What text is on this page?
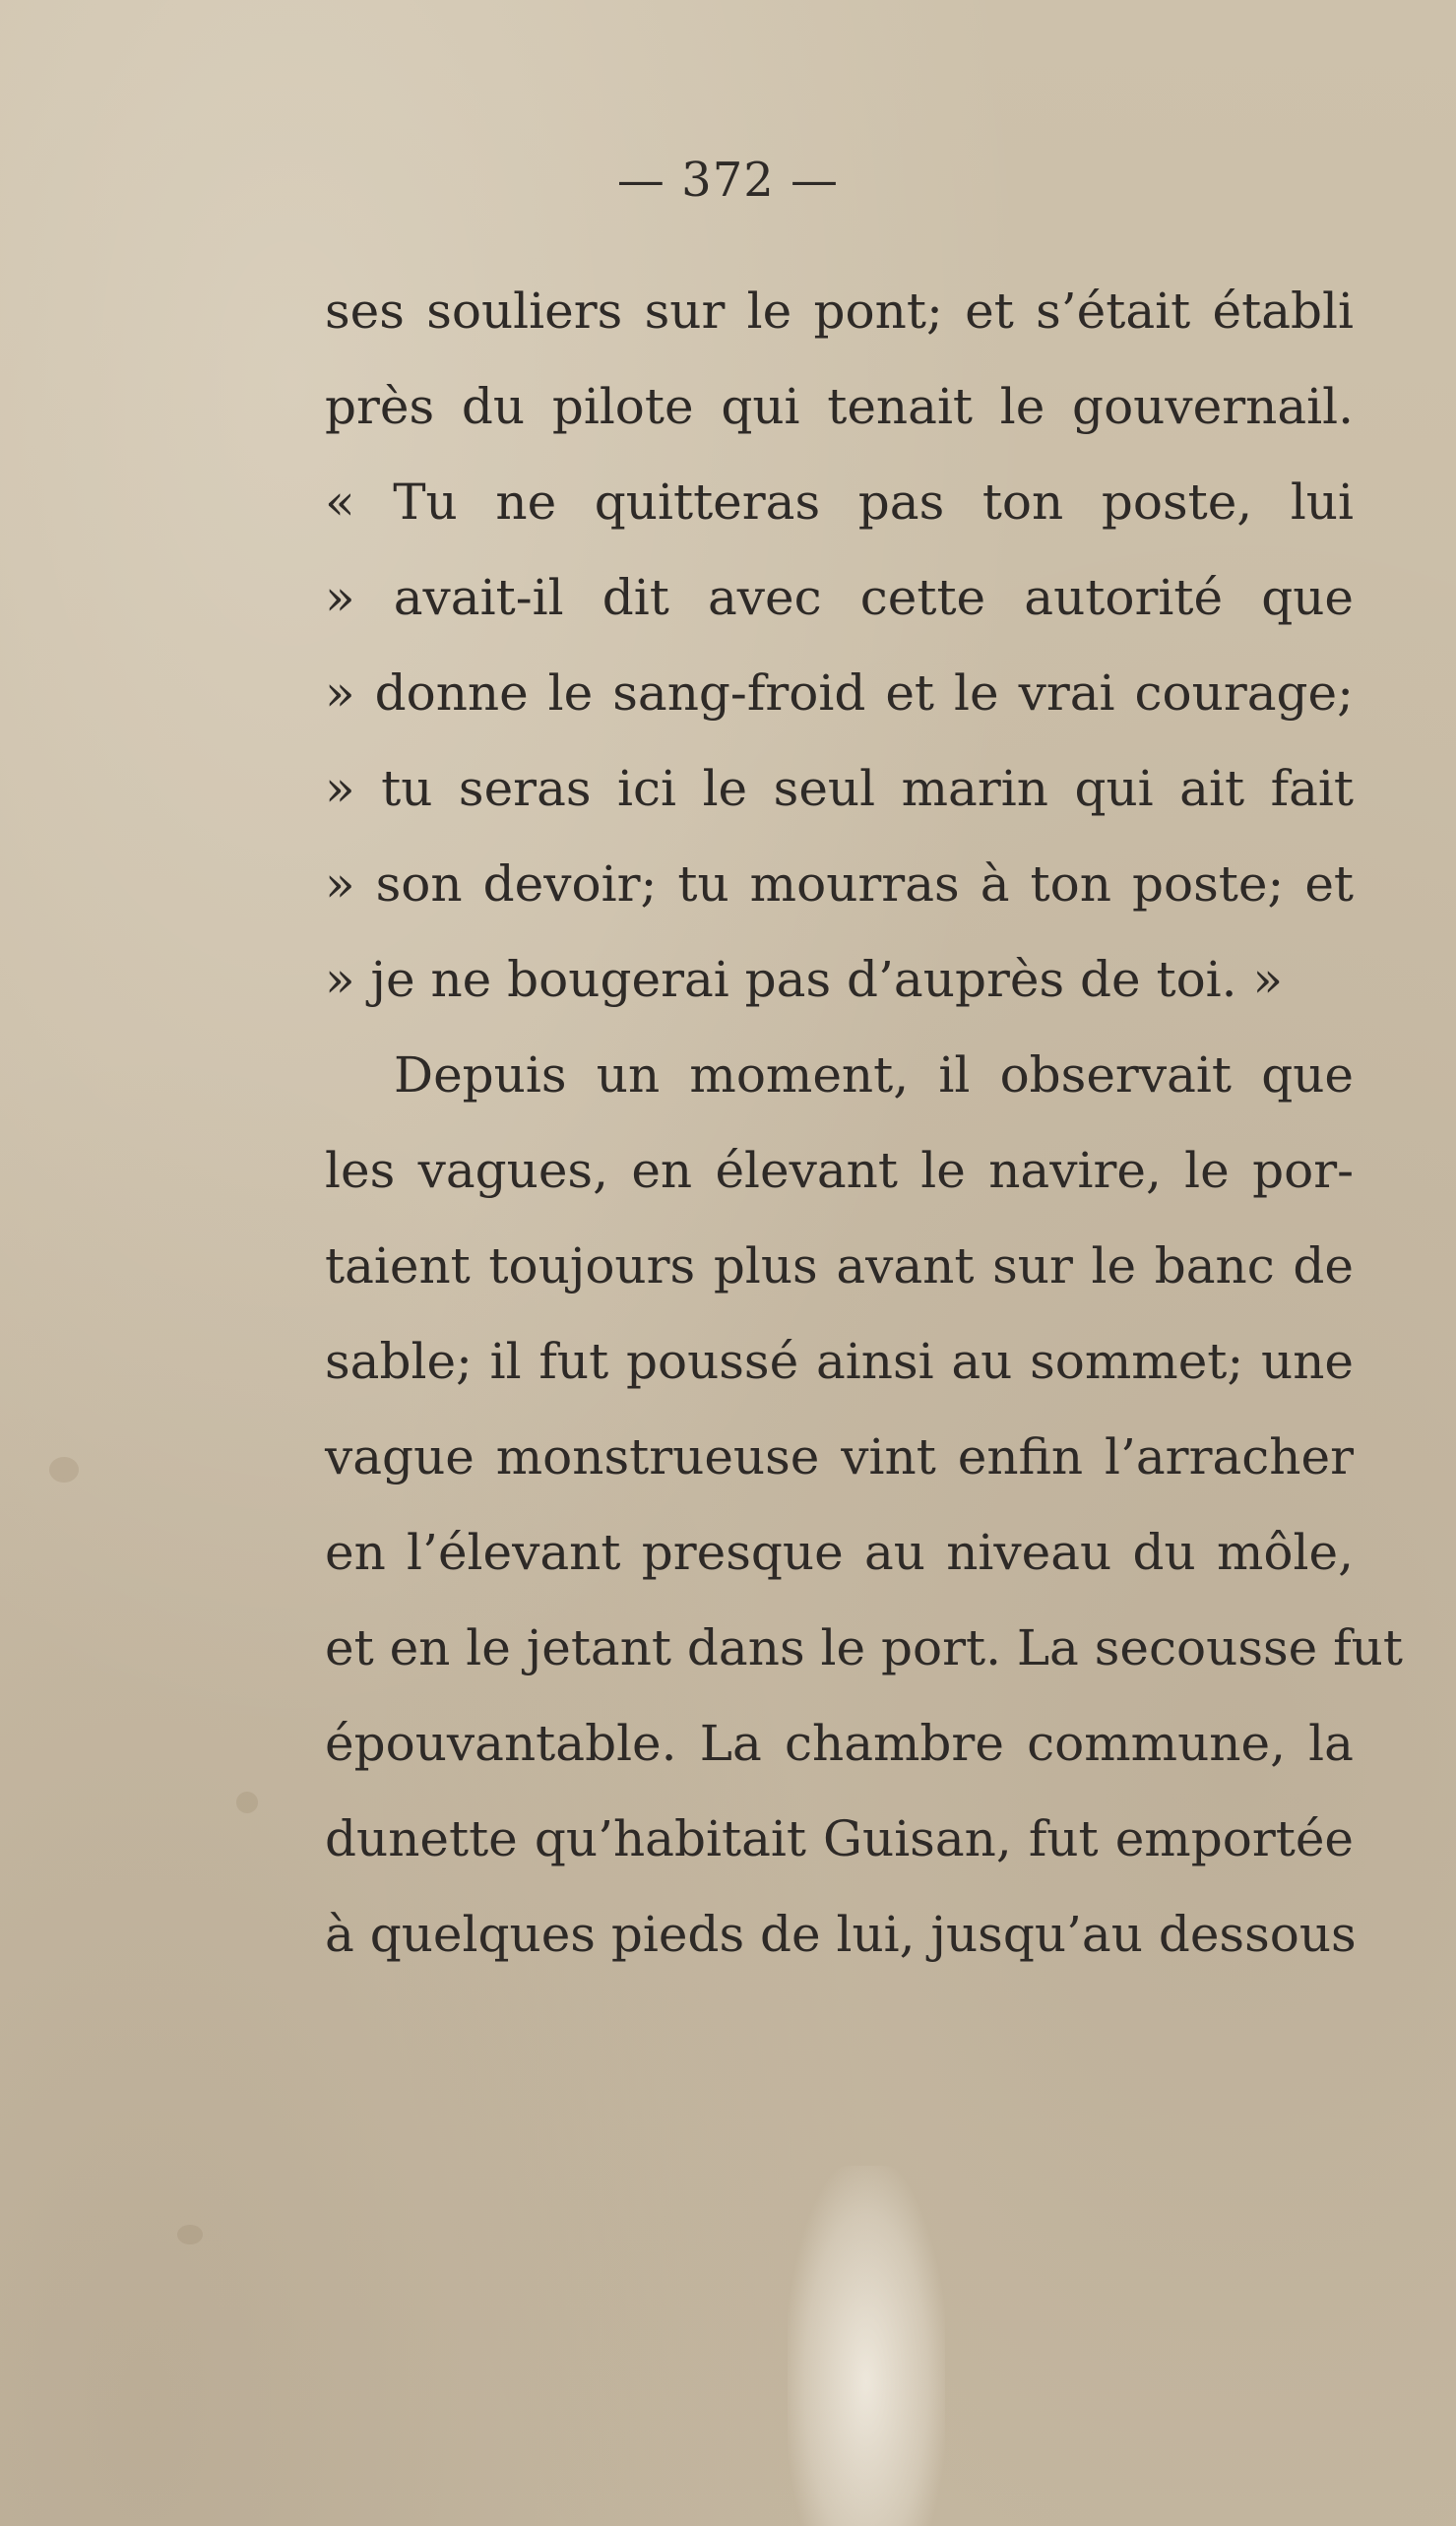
— 372 —
ses souliers sur le pont; et s’était établi
près du pilote qui tenait le gouvernail.
« Tu ne quitteras pas ton poste, lui
» avait-il dit avec cette autorité que
» donne le sang-froid et le vrai courage;
» tu seras ici le seul marin qui ait fait
» son devoir; tu mourras à ton poste; et
» je ne bougerai pas d’auprès de toi. »
Depuis un moment, il observait que
les vagues, en élevant le navire, le por-
taient toujours plus avant sur le banc de
sable; il fut poussé ainsi au sommet; une
vague monstrueuse vint enfin l’arracher
en l’élevant presque au niveau du môle,
et en le jetant dans le port. La secousse fut
épouvantable. La chambre commune, la
dunette qu’habitait Guisan, fut emportée
à quelques pieds de lui, jusqu’au dessous
